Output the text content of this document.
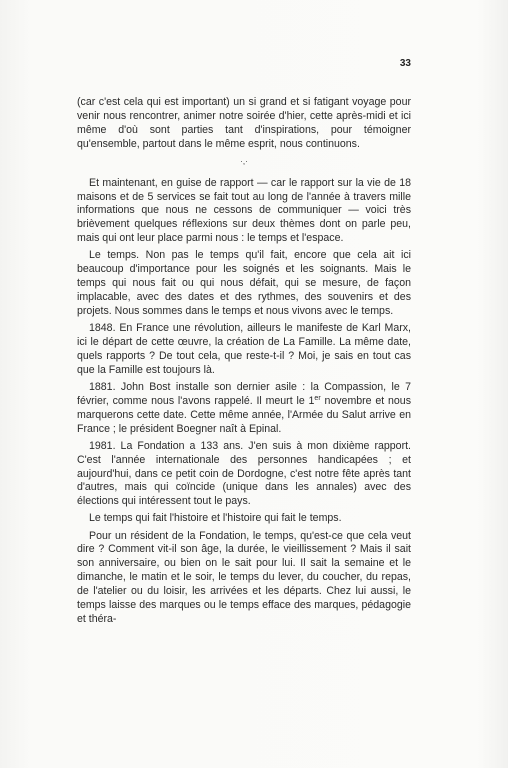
33

(car c'est cela qui est important) un si grand et si fatigant voyage pour venir nous rencontrer, animer notre soirée d'hier, cette après-midi et ici même d'où sont parties tant d'inspirations, pour témoigner qu'ensemble, partout dans le même esprit, nous continuons.

·,·

Et maintenant, en guise de rapport — car le rapport sur la vie de 18 maisons et de 5 services se fait tout au long de l'année à travers mille informations que nous ne cessons de communiquer — voici très brièvement quelques réflexions sur deux thèmes dont on parle peu, mais qui ont leur place parmi nous : le temps et l'espace.

Le temps. Non pas le temps qu'il fait, encore que cela ait ici beaucoup d'importance pour les soignés et les soignants. Mais le temps qui nous fait ou qui nous défait, qui se mesure, de façon implacable, avec des dates et des rythmes, des souvenirs et des projets. Nous sommes dans le temps et nous vivons avec le temps.

1848. En France une révolution, ailleurs le manifeste de Karl Marx, ici le départ de cette œuvre, la création de La Famille. La même date, quels rapports ? De tout cela, que reste-t-il ? Moi, je sais en tout cas que la Famille est toujours là.

1881. John Bost installe son dernier asile : la Compassion, le 7 février, comme nous l'avons rappelé. Il meurt le 1er novembre et nous marquerons cette date. Cette même année, l'Armée du Salut arrive en France ; le président Boegner naît à Epinal.

1981. La Fondation a 133 ans. J'en suis à mon dixième rapport. C'est l'année internationale des personnes handicapées ; et aujourd'hui, dans ce petit coin de Dordogne, c'est notre fête après tant d'autres, mais qui coïncide (unique dans les annales) avec des élections qui intéressent tout le pays.

Le temps qui fait l'histoire et l'histoire qui fait le temps.

Pour un résident de la Fondation, le temps, qu'est-ce que cela veut dire ? Comment vit-il son âge, la durée, le vieillissement ? Mais il sait son anniversaire, ou bien on le sait pour lui. Il sait la semaine et le dimanche, le matin et le soir, le temps du lever, du coucher, du repas, de l'atelier ou du loisir, les arrivées et les départs. Chez lui aussi, le temps laisse des marques ou le temps efface des marques, pédagogie et théra-
